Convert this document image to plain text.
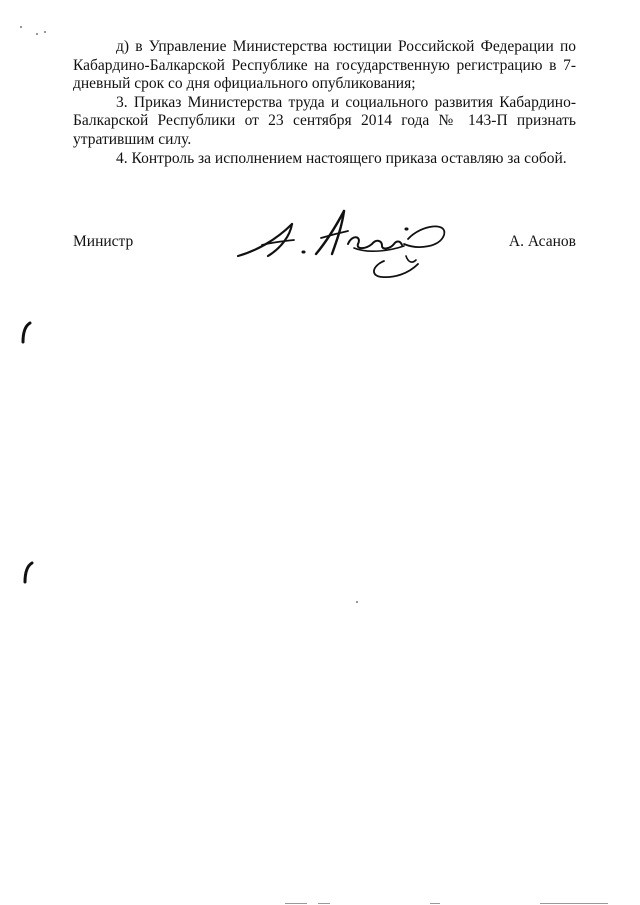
д) в Управление Министерства юстиции Российской Федерации по Кабардино-Балкарской Республике на государственную регистрацию в 7-дневный срок со дня официального опубликования;

3. Приказ Министерства труда и социального развития Кабардино-Балкарской Республики от 23 сентября 2014 года № 143-П признать утратившим силу.

4. Контроль за исполнением настоящего приказа оставляю за собой.

Министр	А. Асанов
